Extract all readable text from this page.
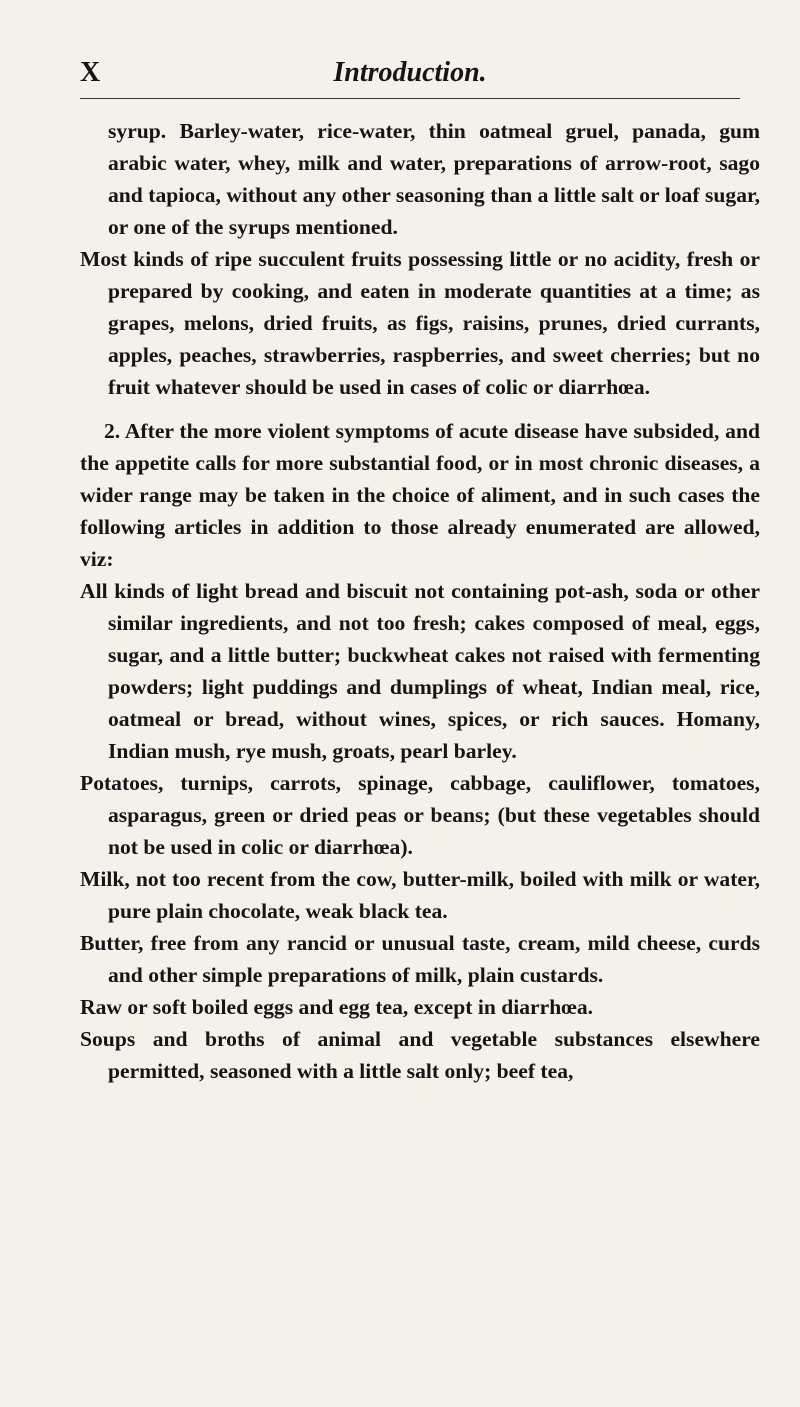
X	Introduction.

syrup. Barley-water, rice-water, thin oatmeal gruel, panada, gum arabic water, whey, milk and water, preparations of arrow-root, sago and tapioca, without any other seasoning than a little salt or loaf sugar, or one of the syrups mentioned.

Most kinds of ripe succulent fruits possessing little or no acidity, fresh or prepared by cooking, and eaten in moderate quantities at a time; as grapes, melons, dried fruits, as figs, raisins, prunes, dried currants, apples, peaches, strawberries, raspberries, and sweet cherries; but no fruit whatever should be used in cases of colic or diarrhœa.

2. After the more violent symptoms of acute disease have subsided, and the appetite calls for more substantial food, or in most chronic diseases, a wider range may be taken in the choice of aliment, and in such cases the following articles in addition to those already enumerated are allowed, viz:

All kinds of light bread and biscuit not containing pot-ash, soda or other similar ingredients, and not too fresh; cakes composed of meal, eggs, sugar, and a little butter; buckwheat cakes not raised with fermenting powders; light puddings and dumplings of wheat, Indian meal, rice, oatmeal or bread, without wines, spices, or rich sauces. Homany, Indian mush, rye mush, groats, pearl barley.

Potatoes, turnips, carrots, spinage, cabbage, cauliflower, tomatoes, asparagus, green or dried peas or beans; (but these vegetables should not be used in colic or diarrhœa).

Milk, not too recent from the cow, butter-milk, boiled with milk or water, pure plain chocolate, weak black tea.

Butter, free from any rancid or unusual taste, cream, mild cheese, curds and other simple preparations of milk, plain custards.

Raw or soft boiled eggs and egg tea, except in diarrhœa.

Soups and broths of animal and vegetable substances elsewhere permitted, seasoned with a little salt only; beef tea,
